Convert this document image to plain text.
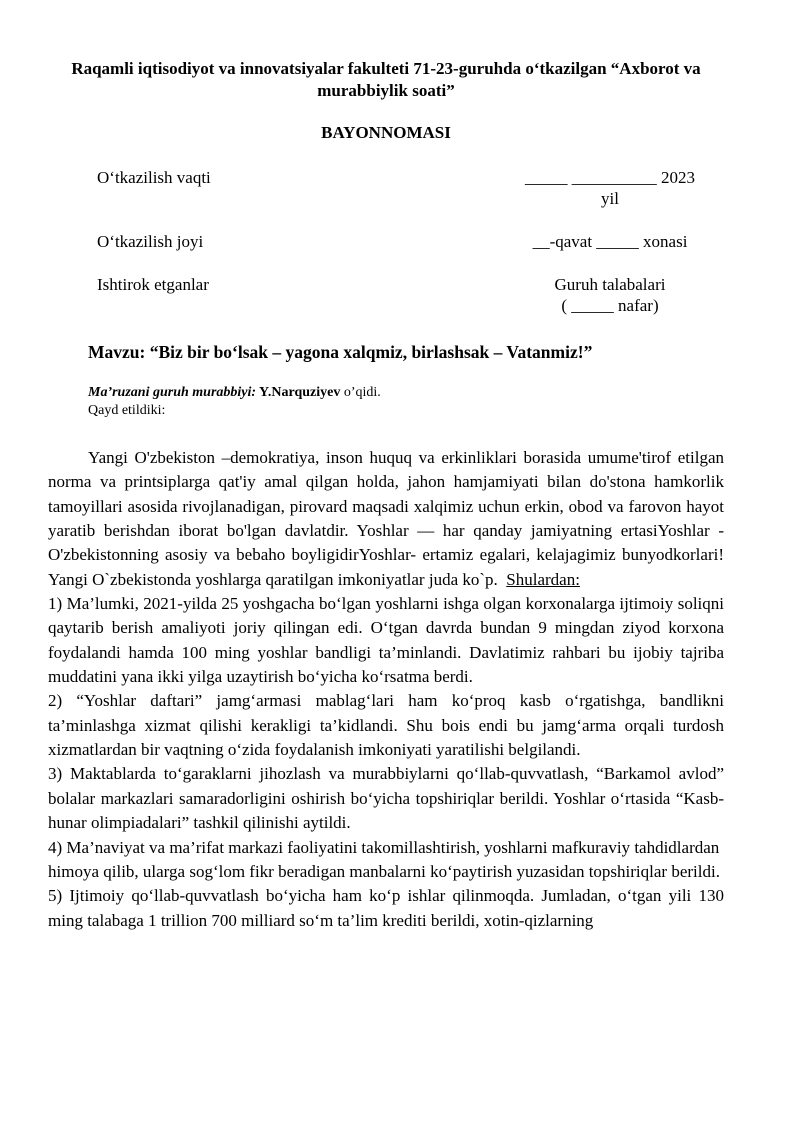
Raqamli iqtisodiyot va innovatsiyalar fakulteti 71-23-guruhda o‘tkazilgan “Axborot va murabbiylik soati”
BAYONNOMASI
O‘tkazilish vaqti	_____ __________ 2023
yil
O‘tkazilish joyi	__-qavat _____ xonasi
Ishtirok etganlar	Guruh talabalari
( _____ nafar)
Mavzu: “Biz bir bo‘lsak – yagona xalqmiz, birlashsak – Vatanmiz!”
Ma’ruzani guruh murabbiyi: Y.Narquziyev o’qidi.
Qayd etildiki:

Yangi O'zbekiston –demokratiya, inson huquq va erkinliklari borasida umume'tirof etilgan norma va printsiplarga qat'iy amal qilgan holda, jahon hamjamiyati bilan do'stona hamkorlik tamoyillari asosida rivojlanadigan, pirovard maqsadi xalqimiz uchun erkin, obod va farovon hayot yaratib berishdan iborat bo'lgan davlatdir. Yoshlar — har qanday jamiyatning ertasiYoshlar - O'zbekistonning asosiy va bebaho boyligidirYoshlar- ertamiz egalari, kelajagimiz bunyodkorlari! Yangi O`zbekistonda yoshlarga qaratilgan imkoniyatlar juda ko`p. Shulardan:

1) Ma’lumki, 2021-yilda 25 yoshgacha bo‘lgan yoshlarni ishga olgan korxonalarga ijtimoiy soliqni qaytarib berish amaliyoti joriy qilingan edi. O‘tgan davrda bundan 9 mingdan ziyod korxona foydalandi hamda 100 ming yoshlar bandligi ta’minlandi. Davlatimiz rahbari bu ijobiy tajriba muddatini yana ikki yilga uzaytirish bo‘yicha ko‘rsatma berdi.

2) “Yoshlar daftari” jamg‘armasi mablag‘lari ham ko‘proq kasb o‘rgatishga, bandlikni ta’minlashga xizmat qilishi kerakligi ta’kidlandi. Shu bois endi bu jamg‘arma orqali turdosh xizmatlardan bir vaqtning o‘zida foydalanish imkoniyati yaratilishi belgilandi.

3) Maktablarda to‘garaklarni jihozlash va murabbiylarni qo‘llab-quvvatlash, “Barkamol avlod” bolalar markazlari samaradorligini oshirish bo‘yicha topshiriqlar berildi. Yoshlar o‘rtasida “Kasb-hunar olimpiadalari” tashkil qilinishi aytildi.

4) Ma’naviyat va ma’rifat markazi faoliyatini takomillashtirish, yoshlarni mafkuraviy tahdidlardan

himoya qilib, ularga sog‘lom fikr beradigan manbalarni ko‘paytirish yuzasidan topshiriqlar berildi.

5) Ijtimoiy qo‘llab-quvvatlash bo‘yicha ham ko‘p ishlar qilinmoqda. Jumladan, o‘tgan yili 130 ming talabaga 1 trillion 700 milliard so‘m ta’lim krediti berildi, xotin-qizlarning
